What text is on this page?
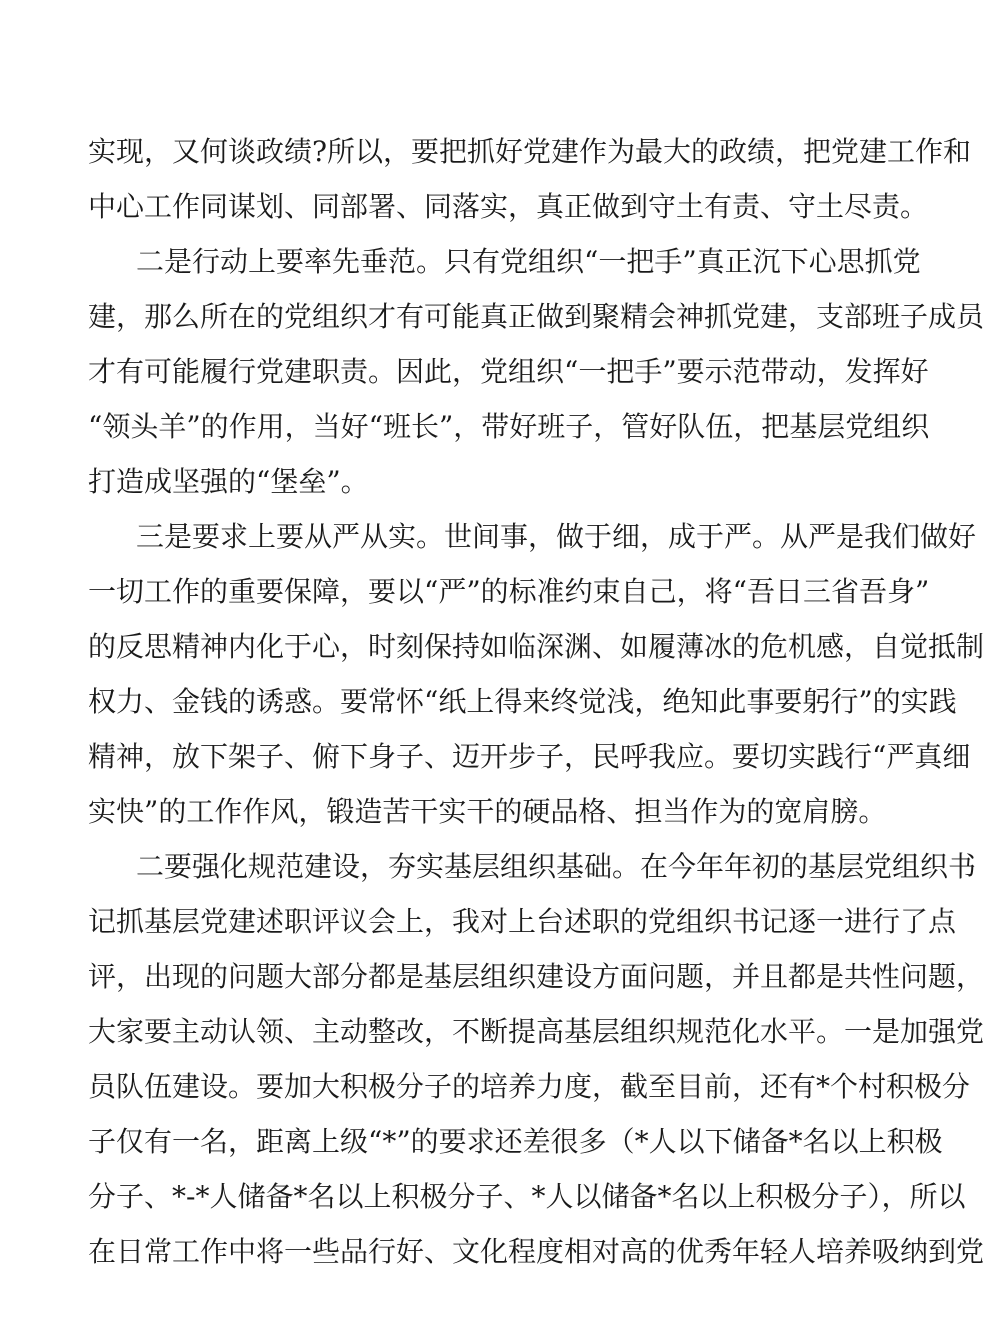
实现，又何谈政绩?所以，要把抓好党建作为最大的政绩，把党建工作和
中心工作同谋划、同部署、同落实，真正做到守土有责、守土尽责。
二是行动上要率先垂范。只有党组织“一把手”真正沉下心思抓党
建，那么所在的党组织才有可能真正做到聚精会神抓党建，支部班子成员
才有可能履行党建职责。因此，党组织“一把手”要示范带动，发挥好
“领头羊”的作用，当好“班长”，带好班子，管好队伍，把基层党组织
打造成坚强的“堡垒”。
三是要求上要从严从实。世间事，做于细，成于严。从严是我们做好
一切工作的重要保障，要以“严”的标准约束自己，将“吾日三省吾身”
的反思精神内化于心，时刻保持如临深渊、如履薄冰的危机感，自觉抵制
权力、金钱的诱惑。要常怀“纸上得来终觉浅，绝知此事要躬行”的实践
精神，放下架子、俯下身子、迈开步子，民呼我应。要切实践行“严真细
实快”的工作作风，锻造苦干实干的硬品格、担当作为的宽肩膀。
二要强化规范建设，夯实基层组织基础。在今年年初的基层党组织书
记抓基层党建述职评议会上，我对上台述职的党组织书记逐一进行了点
评，出现的问题大部分都是基层组织建设方面问题，并且都是共性问题，
大家要主动认领、主动整改，不断提高基层组织规范化水平。一是加强党
员队伍建设。要加大积极分子的培养力度，截至目前，还有*个村积极分
子仅有一名，距离上级“*”的要求还差很多（*人以下储备*名以上积极
分子、*-*人储备*名以上积极分子、*人以储备*名以上积极分子），所以
在日常工作中将一些品行好、文化程度相对高的优秀年轻人培养吸纳到党
